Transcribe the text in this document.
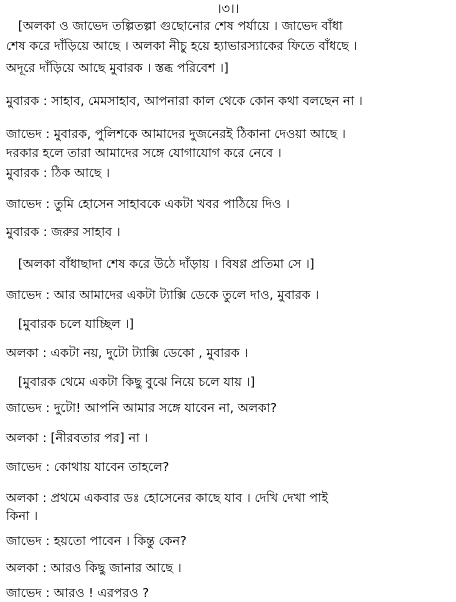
।৩।।
[অলকা ও জাভেদ তল্পিতল্পা গুছোনোর শেষ পর্যায়ে । জাভেদ বাঁধা
শেষ করে দাঁড়িয়ে আছে । অলকা নীচু হয়ে হ্যাভারস্যাকের ফিতে বাঁধছে ।
অদূরে দাঁড়িয়ে আছে মুবারক । স্তব্ধ পরিবেশ ।]
মুবারক : সাহাব, মেমসাহাব, আপনারা কাল থেকে কোন কথা বলছেন না ।
জাভেদ : মুবারক, পুলিশকে আমাদের দুজনেরই ঠিকানা দেওয়া আছে ।
দরকার হলে তারা আমাদের সঙ্গে যোগাযোগ করে নেবে ।
মুবারক : ঠিক আছে ।
জাভেদ : তুমি হোসেন সাহাবকে একটা খবর পাঠিয়ে দিও ।
মুবারক : জরুর সাহাব ।
[অলকা বাঁধাছাদা শেষ করে উঠে দাঁড়ায় । বিষণ্ণ প্রতিমা সে ।]
জাভেদ : আর আমাদের একটা ট্যাক্সি ডেকে তুলে দাও, মুবারক ।
[মুবারক চলে যাচ্ছিল ।]
অলকা : একটা নয়, দুটো ট্যাক্সি ডেকো , মুবারক ।
[মুবারক থেমে একটা কিছু বুঝে নিয়ে চলে যায় ।]
জাভেদ : দুটো! আপনি আমার সঙ্গে যাবেন না, অলকা?
অলকা : [নীরবতার পর] না ।
জাভেদ : কোথায় যাবেন তাহলে?
অলকা : প্রথমে একবার ডঃ হোসেনের কাছে যাব । দেখি দেখা পাই
কিনা ।
জাভেদ : হয়তো পাবেন । কিন্তু কেন?
অলকা : আরও কিছু জানার আছে ।
জাভেদ : আরও ! এরপরও ?
